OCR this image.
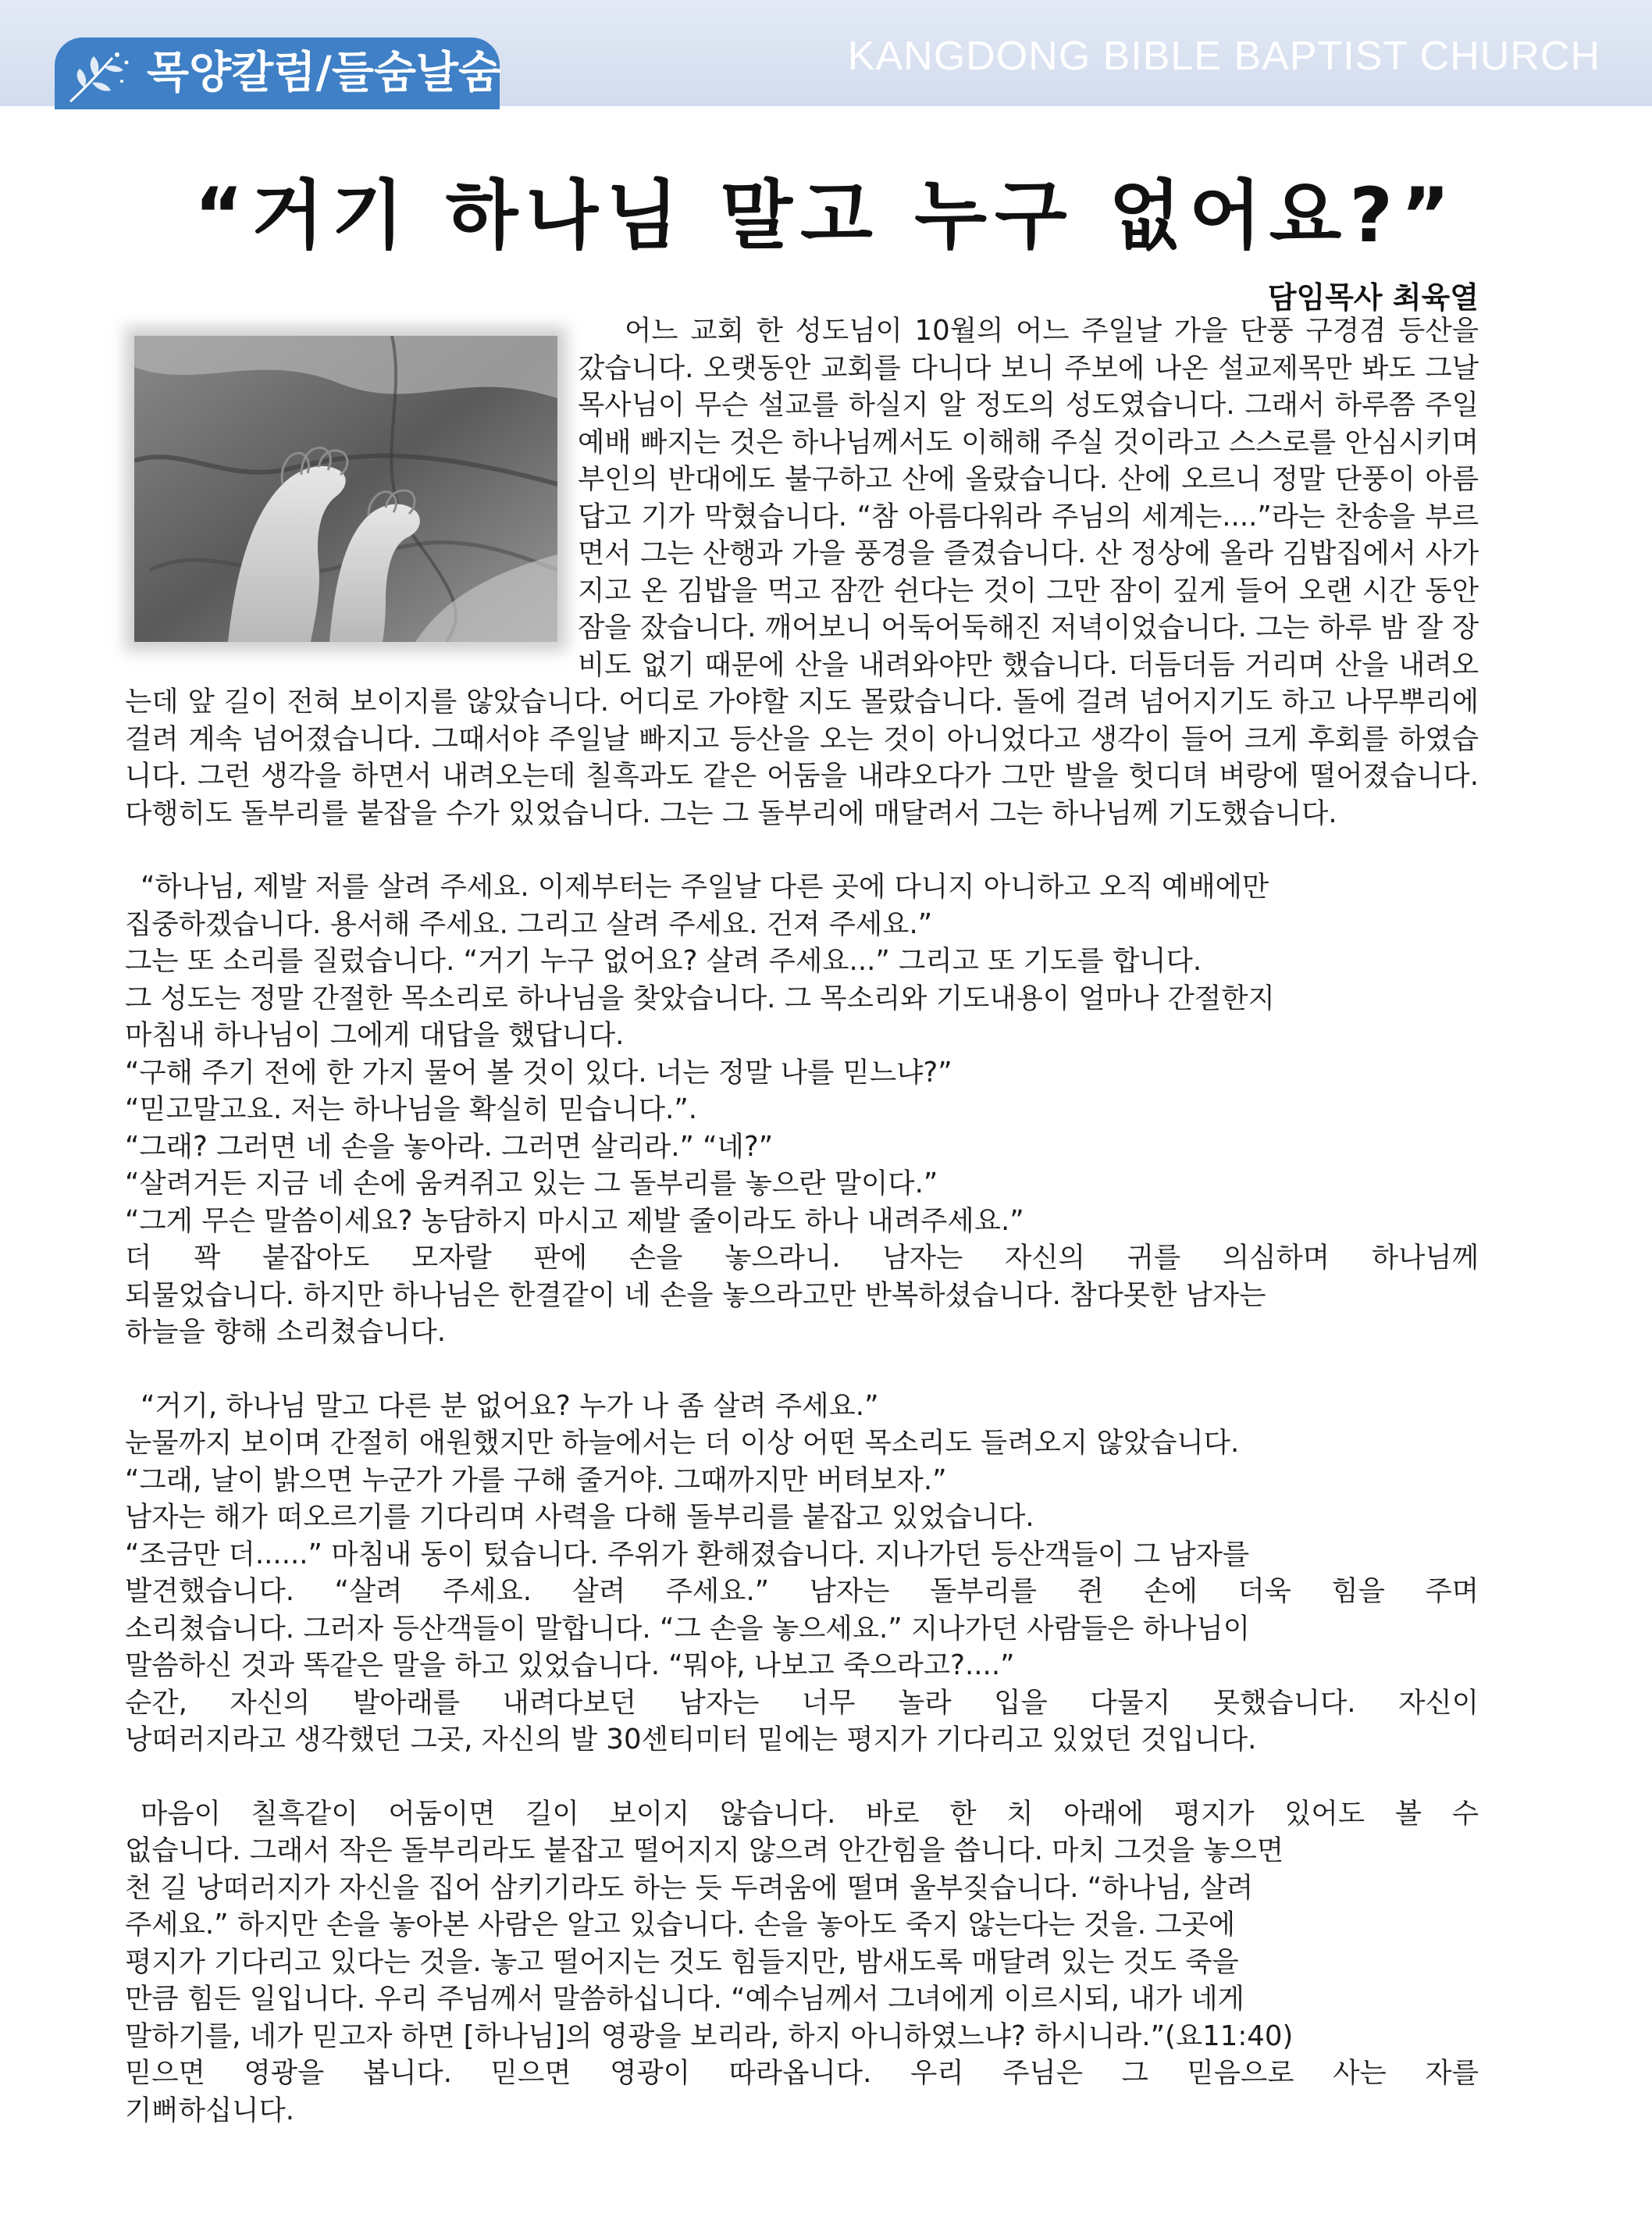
목양칼럼/들숨날숨	KANGDONG BIBLE BAPTIST CHURCH
“거기 하나님 말고 누구 없어요?”
담임목사 최육열

어느 교회 한 성도님이 10월의 어느 주일날 가을 단풍 구경겸 등산을 갔습니다. 오랫동안 교회를 다니다 보니 주보에 나온 설교제목만 봐도 그날 목사님이 무슨 설교를 하실지 알 정도의 성도였습니다. 그래서 하루쯤 주일예배 빠지는 것은 하나님께서도 이해해 주실 것이라고 스스로를 안심시키며 부인의 반대에도 불구하고 산에 올랐습니다. 산에 오르니 정말 단풍이 아름답고 기가 막혔습니다. “참 아름다워라 주님의 세계는....”라는 찬송을 부르면서 그는 산행과 가을 풍경을 즐겼습니다. 산 정상에 올라 김밥집에서 사가지고 온 김밥을 먹고 잠깐 쉰다는 것이 그만 잠이 깊게 들어 오랜 시간 동안 잠을 잤습니다. 깨어보니 어둑어둑해진 저녁이었습니다. 그는 하루 밤 잘 장비도 없기 때문에 산을 내려와야만 했습니다. 더듬더듬 거리며 산을 내려오는데 앞 길이 전혀 보이지를 않았습니다. 어디로 가야할 지도 몰랐습니다. 돌에 걸려 넘어지기도 하고 나무뿌리에 걸려 계속 넘어졌습니다. 그때서야 주일날 빠지고 등산을 오는 것이 아니었다고 생각이 들어 크게 후회를 하였습니다. 그런 생각을 하면서 내려오는데 칠흑과도 같은 어둠을 내랴오다가 그만 발을 헛디뎌 벼랑에 떨어졌습니다. 다행히도 돌부리를 붙잡을 수가 있었습니다. 그는 그 돌부리에 매달려서 그는 하나님께 기도했습니다.

“하나님, 제발 저를 살려 주세요. 이제부터는 주일날 다른 곳에 다니지 아니하고 오직 예배에만

집중하겠습니다. 용서해 주세요. 그리고 살려 주세요. 건져 주세요.”

그는 또 소리를 질렀습니다. “거기 누구 없어요? 살려 주세요...” 그리고 또 기도를 합니다.

그 성도는 정말 간절한 목소리로 하나님을 찾았습니다. 그 목소리와 기도내용이 얼마나 간절한지

마침내 하나님이 그에게 대답을 했답니다.

“구해 주기 전에 한 가지 물어 볼 것이 있다. 너는 정말 나를 믿느냐?”

“믿고말고요. 저는 하나님을 확실히 믿습니다.”.

“그래? 그러면 네 손을 놓아라. 그러면 살리라.” “네?”

“살려거든 지금 네 손에 움켜쥐고 있는 그 돌부리를 놓으란 말이다.”

“그게 무슨 말씀이세요? 농담하지 마시고 제발 줄이라도 하나 내려주세요.”

더 꽉 붙잡아도 모자랄 판에 손을 놓으라니. 남자는 자신의 귀를 의심하며 하나님께

되물었습니다. 하지만 하나님은 한결같이 네 손을 놓으라고만 반복하셨습니다. 참다못한 남자는

하늘을 향해 소리쳤습니다.

“거기, 하나님 말고 다른 분 없어요? 누가 나 좀 살려 주세요.”

눈물까지 보이며 간절히 애원했지만 하늘에서는 더 이상 어떤 목소리도 들려오지 않았습니다.

“그래, 날이 밝으면 누군가 가를 구해 줄거야. 그때까지만 버텨보자.”

남자는 해가 떠오르기를 기다리며 사력을 다해 돌부리를 붙잡고 있었습니다.

“조금만 더......” 마침내 동이 텄습니다. 주위가 환해졌습니다. 지나가던 등산객들이 그 남자를

발견했습니다. “살려 주세요. 살려 주세요.” 남자는 돌부리를 쥔 손에 더욱 힘을 주며

소리쳤습니다. 그러자 등산객들이 말합니다. “그 손을 놓으세요.” 지나가던 사람들은 하나님이

말씀하신 것과 똑같은 말을 하고 있었습니다. “뭐야, 나보고 죽으라고?....”

순간, 자신의 발아래를 내려다보던 남자는 너무 놀라 입을 다물지 못했습니다. 자신이

낭떠러지라고 생각했던 그곳, 자신의 발 30센티미터 밑에는 평지가 기다리고 있었던 것입니다.

마음이 칠흑같이 어둠이면 길이 보이지 않습니다. 바로 한 치 아래에 평지가 있어도 볼 수

없습니다. 그래서 작은 돌부리라도 붙잡고 떨어지지 않으려 안간힘을 씁니다. 마치 그것을 놓으면

천 길 낭떠러지가 자신을 집어 삼키기라도 하는 듯 두려움에 떨며 울부짖습니다. “하나님, 살려

주세요.” 하지만 손을 놓아본 사람은 알고 있습니다. 손을 놓아도 죽지 않는다는 것을. 그곳에

평지가 기다리고 있다는 것을. 놓고 떨어지는 것도 힘들지만, 밤새도록 매달려 있는 것도 죽을

만큼 힘든 일입니다. 우리 주님께서 말씀하십니다. “예수님께서 그녀에게 이르시되, 내가 네게

말하기를, 네가 믿고자 하면 [하나님]의 영광을 보리라, 하지 아니하였느냐? 하시니라.”(요11:40)

믿으면 영광을 봅니다. 믿으면 영광이 따라옵니다. 우리 주님은 그 믿음으로 사는 자를

기뻐하십니다.
